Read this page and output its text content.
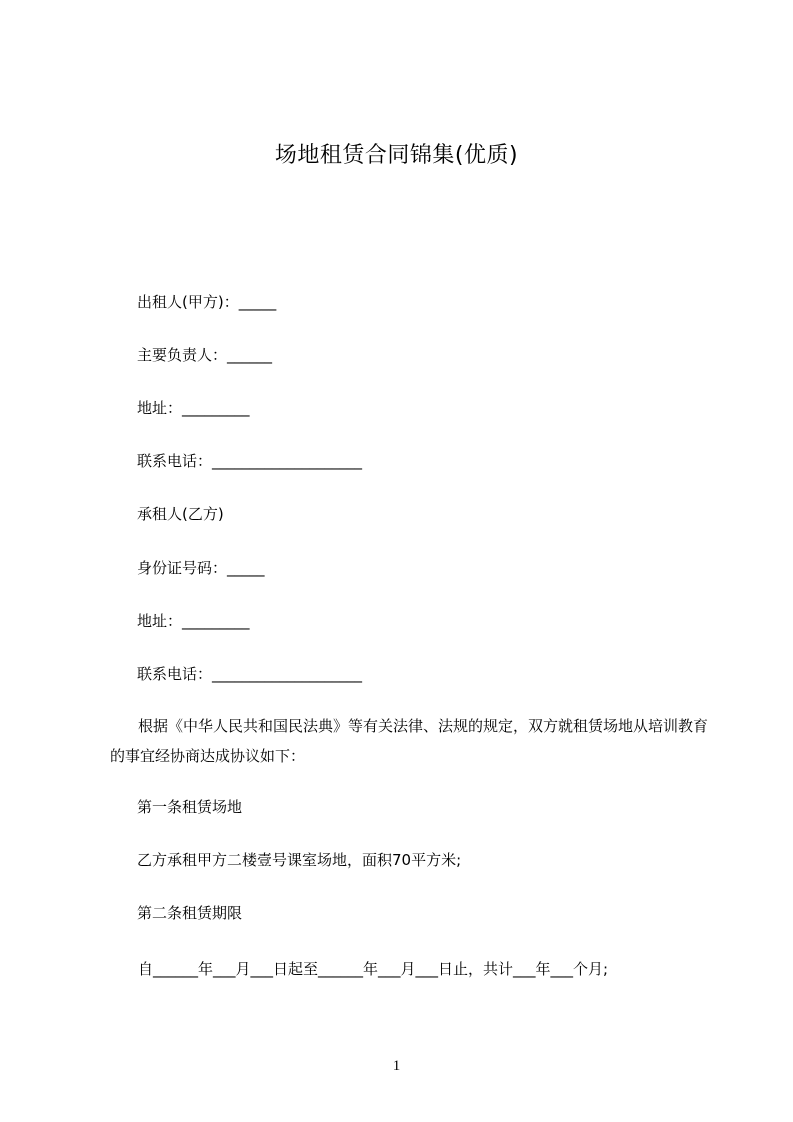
场地租赁合同锦集(优质)
出租人(甲方)：_____
主要负责人：______
地址：_________
联系电话：____________________
承租人(乙方)
身份证号码：_____
地址：_________
联系电话：____________________
根据《中华人民共和国民法典》等有关法律、法规的规定，双方就租赁场地从培训教育的事宜经协商达成协议如下：
第一条租赁场地
乙方承租甲方二楼壹号课室场地，面积70平方米;
第二条租赁期限
自______年___月___日起至______年___月___日止，共计___年___个月;
1
